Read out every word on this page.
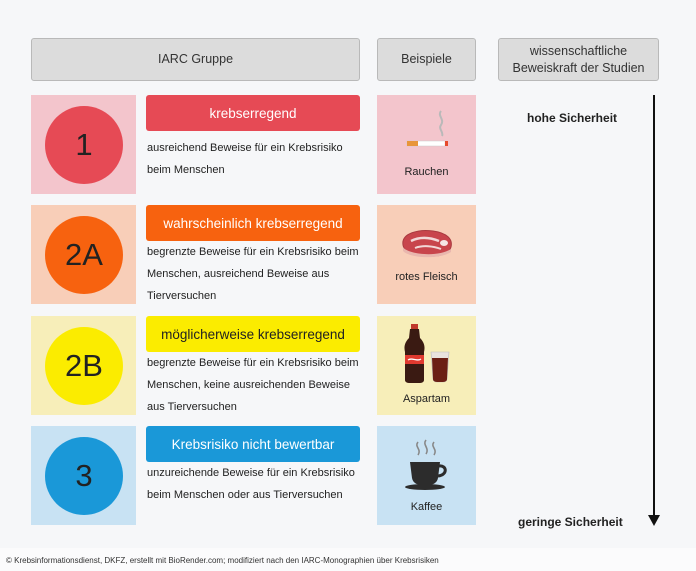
IARC Gruppe	Beispiele
wissenschaftliche Beweiskraft der Studien
1
krebserregend
ausreichend Beweise für ein Krebsrisiko beim Menschen	Rauchen
2A
wahrscheinlich krebserregend
begrenzte Beweise für ein Krebsrisiko beim Menschen, ausreichend Beweise aus Tierversuchen
rotes Fleisch
2B
möglicherweise krebserregend
begrenzte Beweise für ein Krebsrisiko beim Menschen, keine ausreichenden Beweise aus Tierversuchen
Aspartam
3
Krebsrisiko nicht bewertbar
unzureichende Beweise für ein Krebsrisiko beim Menschen oder aus Tierversuchen
Kaffee
hohe Sicherheit
geringe Sicherheit
© Krebsinformationsdienst, DKFZ, erstellt mit BioRender.com; modifiziert nach den IARC-Monographien über Krebsrisiken
